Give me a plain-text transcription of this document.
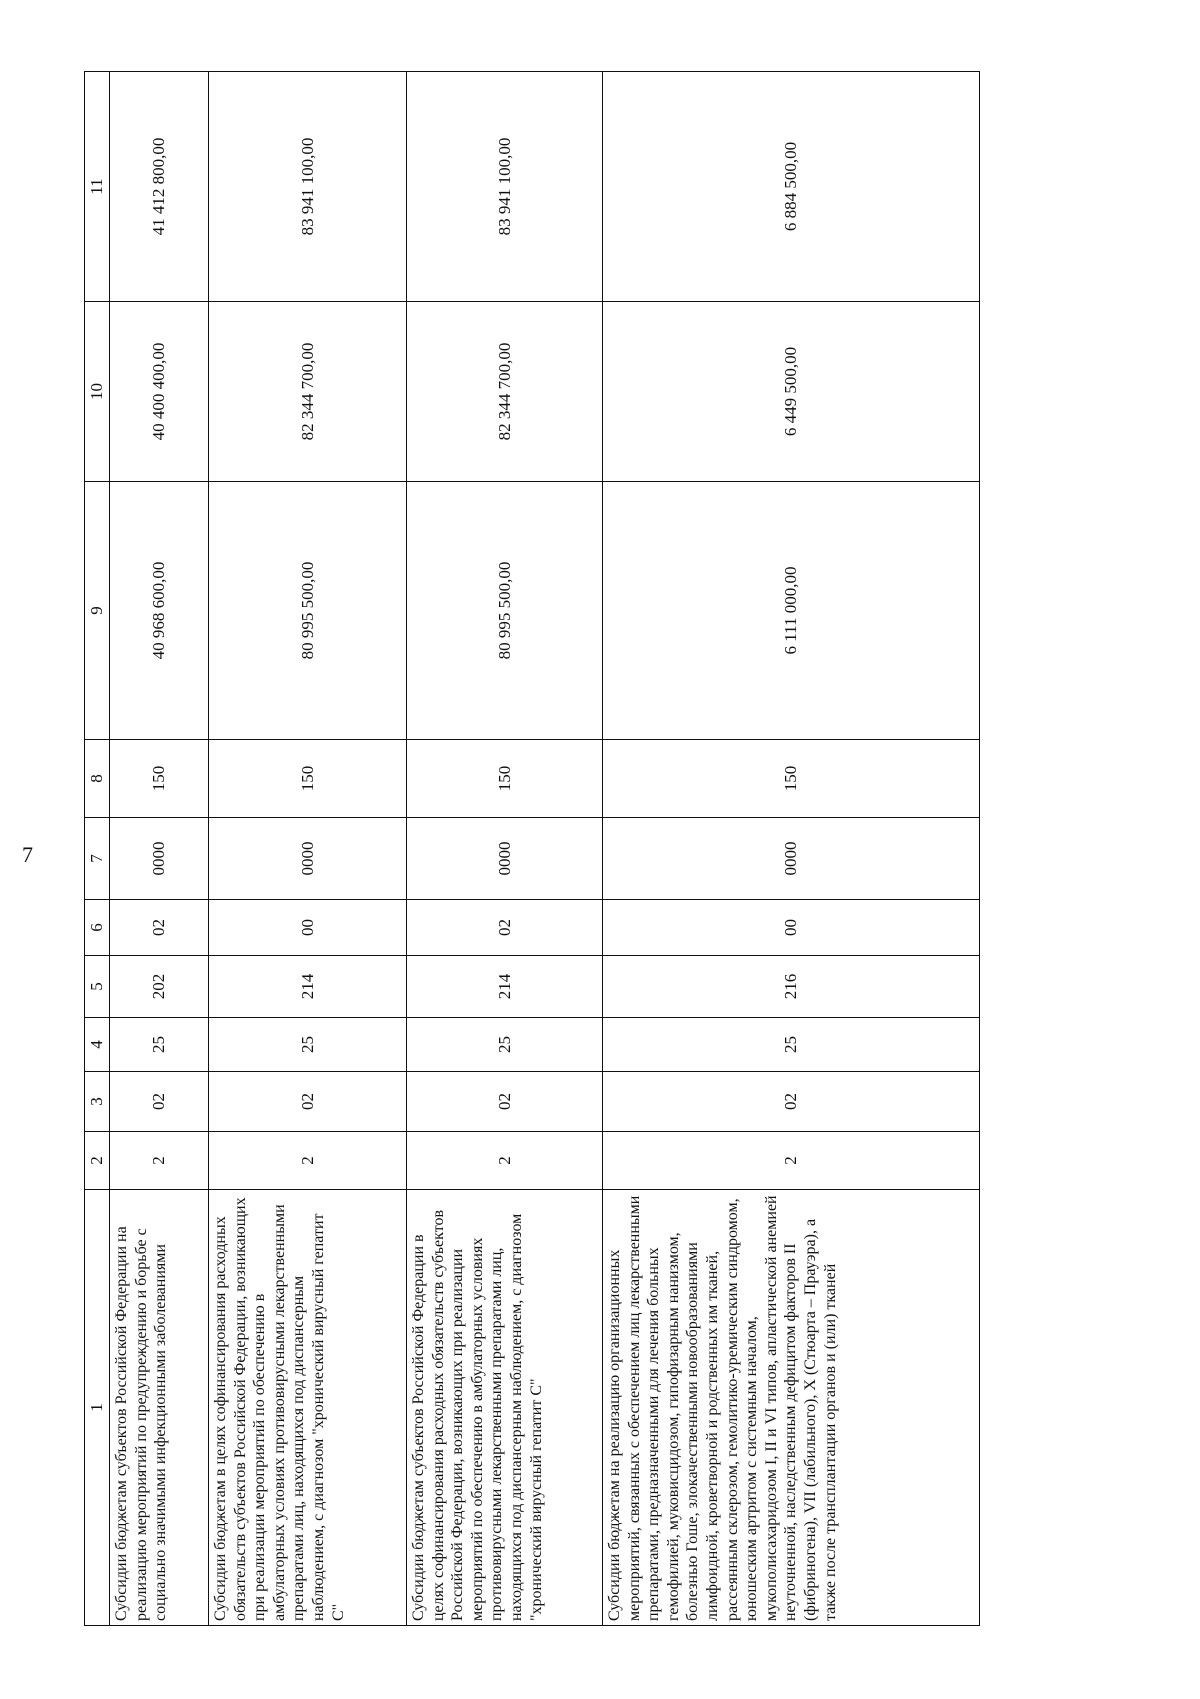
7
1	2	3	4	5	6	7	8	9	10	11
Субсидии бюджетам субъектов Российской Федерации на реализацию мероприятий по предупреждению и борьбе с социально значимыми инфекционными заболеваниями	2	02	25	202	02	0000	150	40 968 600,00	40 400 400,00	41 412 800,00
Субсидии бюджетам в целях софинансирования расходных обязательств субъектов Российской Федерации, возникающих при реализации мероприятий по обеспечению в амбулаторных условиях противовирусными лекарственными препаратами лиц, находящихся под диспансерным наблюдением, с диагнозом "хронический вирусный гепатит С"	2	02	25	214	00	0000	150	80 995 500,00	82 344 700,00	83 941 100,00
Субсидии бюджетам субъектов Российской Федерации в целях софинансирования расходных обязательств субъектов Российской Федерации, возникающих при реализации мероприятий по обеспечению в амбулаторных условиях противовирусными лекарственными препаратами лиц, находящихся под диспансерным наблюдением, с диагнозом "хронический вирусный гепатит С"	2	02	25	214	02	0000	150	80 995 500,00	82 344 700,00	83 941 100,00
Субсидии бюджетам на реализацию организационных мероприятий, связанных с обеспечением лиц лекарственными препаратами, предназначенными для лечения больных гемофилией, муковисцидозом, гипофизарным нанизмом, болезнью Гоше, злокачественными новообразованиями лимфоидной, кроветворной и родственных им тканей, рассеянным склерозом, гемолитико-уремическим синдромом, юношеским артритом с системным началом, мукополисахаридозом I, II и VI типов, апластической анемией неуточненной, наследственным дефицитом факторов II (фибриногена), VII (лабильного), X (Стюарта – Прауэра), а также после трансплантации органов и (или) тканей	2	02	25	216	00	0000	150	6 111 000,00	6 449 500,00	6 884 500,00
